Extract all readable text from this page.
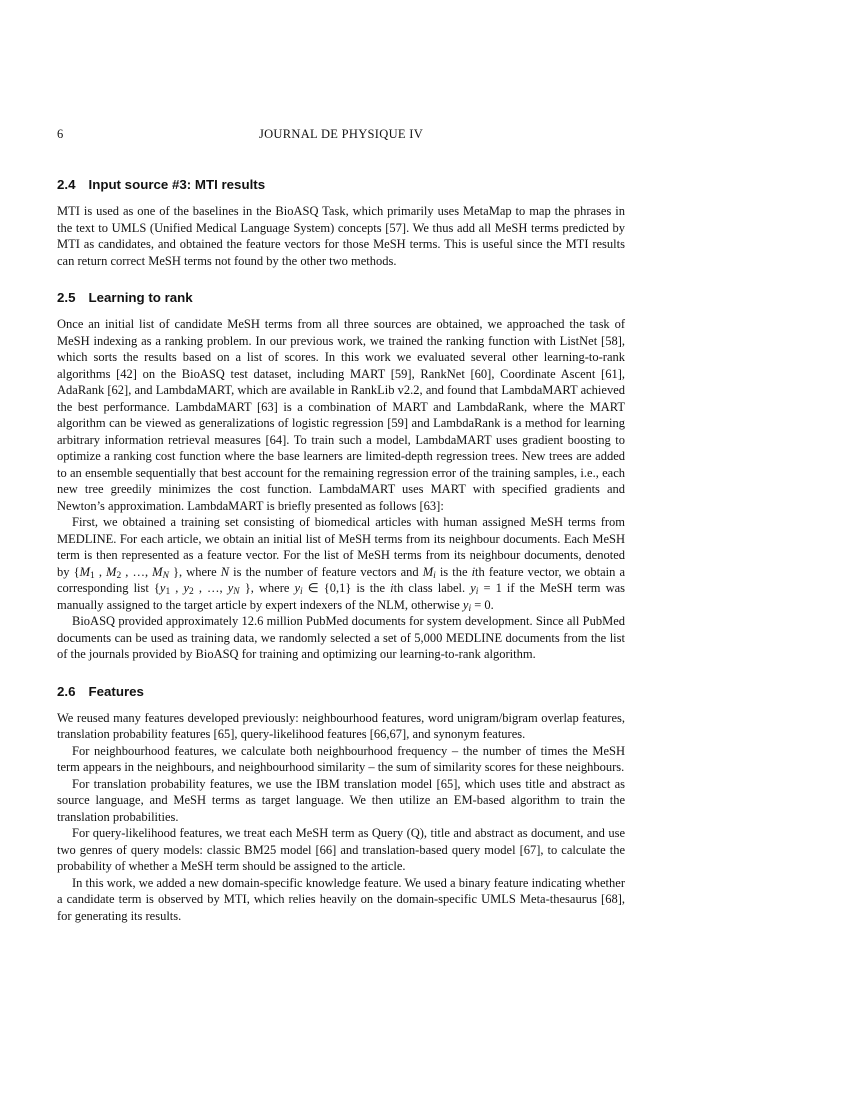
6	JOURNAL DE PHYSIQUE IV
2.4 Input source #3: MTI results

MTI is used as one of the baselines in the BioASQ Task, which primarily uses MetaMap to map the phrases in the text to UMLS (Unified Medical Language System) concepts [57]. We thus add all MeSH terms predicted by MTI as candidates, and obtained the feature vectors for those MeSH terms. This is useful since the MTI results can return correct MeSH terms not found by the other two methods.

2.5 Learning to rank

Once an initial list of candidate MeSH terms from all three sources are obtained, we approached the task of MeSH indexing as a ranking problem. In our previous work, we trained the ranking function with ListNet [58], which sorts the results based on a list of scores. In this work we evaluated several other learning-to-rank algorithms [42] on the BioASQ test dataset, including MART [59], RankNet [60], Coordinate Ascent [61], AdaRank [62], and LambdaMART, which are available in RankLib v2.2, and found that LambdaMART achieved the best performance. LambdaMART [63] is a combination of MART and LambdaRank, where the MART algorithm can be viewed as generalizations of logistic regression [59] and LambdaRank is a method for learning arbitrary information retrieval measures [64]. To train such a model, LambdaMART uses gradient boosting to optimize a ranking cost function where the base learners are limited-depth regression trees. New trees are added to an ensemble sequentially that best account for the remaining regression error of the training samples, i.e., each new tree greedily minimizes the cost function. LambdaMART uses MART with specified gradients and Newton’s approximation. LambdaMART is briefly presented as follows [63]:

First, we obtained a training set consisting of biomedical articles with human assigned MeSH terms from MEDLINE. For each article, we obtain an initial list of MeSH terms from its neighbour documents. Each MeSH term is then represented as a feature vector. For the list of MeSH terms from its neighbour documents, denoted by {$M_1$ , $M_2$ , …, MN }, where N is the number of feature vectors and Mi is the ith feature vector, we obtain a corresponding list {$y_1$ , $y_2$ , …, yN }, where yi ∈ {0,1} is the ith class label. yi = 1 if the MeSH term was manually assigned to the target article by expert indexers of the NLM, otherwise yi = 0.

BioASQ provided approximately 12.6 million PubMed documents for system development. Since all PubMed documents can be used as training data, we randomly selected a set of 5,000 MEDLINE documents from the list of the journals provided by BioASQ for training and optimizing our learning-to-rank algorithm.

2.6 Features

We reused many features developed previously: neighbourhood features, word unigram/bigram overlap features, translation probability features [65], query-likelihood features [66,67], and synonym features.

For neighbourhood features, we calculate both neighbourhood frequency – the number of times the MeSH term appears in the neighbours, and neighbourhood similarity – the sum of similarity scores for these neighbours.

For translation probability features, we use the IBM translation model [65], which uses title and abstract as source language, and MeSH terms as target language. We then utilize an EM-based algorithm to train the translation probabilities.

For query-likelihood features, we treat each MeSH term as Query (Q), title and abstract as document, and use two genres of query models: classic BM25 model [66] and translation-based query model [67], to calculate the probability of whether a MeSH term should be assigned to the article.

In this work, we added a new domain-specific knowledge feature. We used a binary feature indicating whether a candidate term is observed by MTI, which relies heavily on the domain-specific UMLS Meta-thesaurus [68], for generating its results.
